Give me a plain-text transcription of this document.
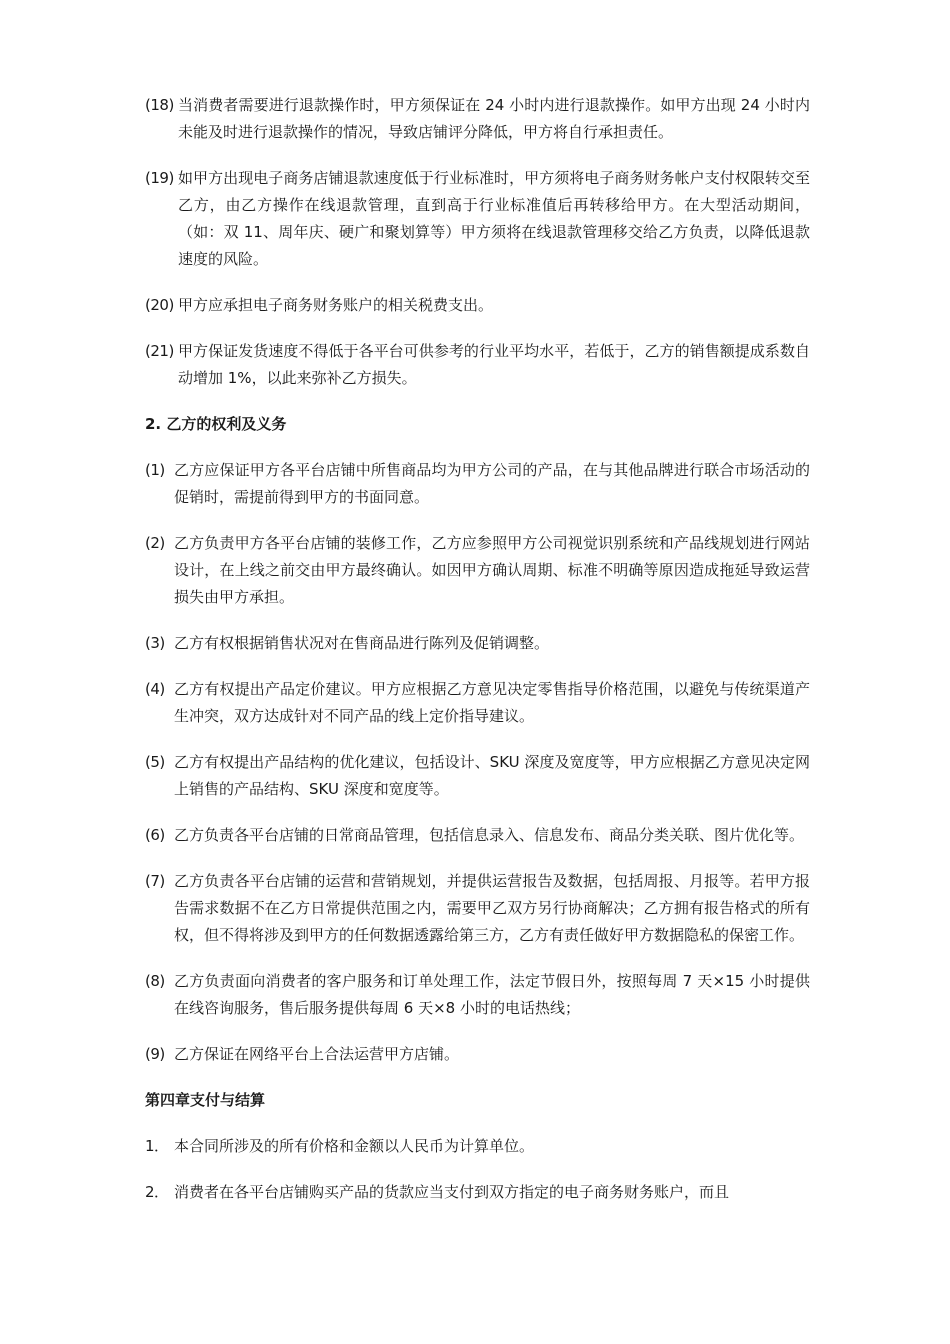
(18) 当消费者需要进行退款操作时，甲方须保证在 24 小时内进行退款操作。如甲方出现 24 小时内未能及时进行退款操作的情况，导致店铺评分降低，甲方将自行承担责任。
(19) 如甲方出现电子商务店铺退款速度低于行业标准时，甲方须将电子商务财务帐户支付权限转交至乙方，由乙方操作在线退款管理，直到高于行业标准值后再转移给甲方。在大型活动期间，（如：双 11、周年庆、硬广和聚划算等）甲方须将在线退款管理移交给乙方负责，以降低退款速度的风险。
(20) 甲方应承担电子商务财务账户的相关税费支出。
(21) 甲方保证发货速度不得低于各平台可供参考的行业平均水平，若低于，乙方的销售额提成系数自动增加 1%，以此来弥补乙方损失。
2. 乙方的权利及义务
(1) 乙方应保证甲方各平台店铺中所售商品均为甲方公司的产品，在与其他品牌进行联合市场活动的促销时，需提前得到甲方的书面同意。
(2) 乙方负责甲方各平台店铺的装修工作，乙方应参照甲方公司视觉识别系统和产品线规划进行网站设计，在上线之前交由甲方最终确认。如因甲方确认周期、标准不明确等原因造成拖延导致运营损失由甲方承担。
(3) 乙方有权根据销售状况对在售商品进行陈列及促销调整。
(4) 乙方有权提出产品定价建议。甲方应根据乙方意见决定零售指导价格范围，以避免与传统渠道产生冲突，双方达成针对不同产品的线上定价指导建议。
(5) 乙方有权提出产品结构的优化建议，包括设计、SKU 深度及宽度等，甲方应根据乙方意见决定网上销售的产品结构、SKU 深度和宽度等。
(6) 乙方负责各平台店铺的日常商品管理，包括信息录入、信息发布、商品分类关联、图片优化等。
(7) 乙方负责各平台店铺的运营和营销规划，并提供运营报告及数据，包括周报、月报等。若甲方报告需求数据不在乙方日常提供范围之内，需要甲乙双方另行协商解决；乙方拥有报告格式的所有权，但不得将涉及到甲方的任何数据透露给第三方，乙方有责任做好甲方数据隐私的保密工作。
(8) 乙方负责面向消费者的客户服务和订单处理工作，法定节假日外，按照每周 7 天×15 小时提供在线咨询服务，售后服务提供每周 6 天×8 小时的电话热线；
(9) 乙方保证在网络平台上合法运营甲方店铺。
第四章支付与结算
1． 本合同所涉及的所有价格和金额以人民币为计算单位。
2． 消费者在各平台店铺购买产品的货款应当支付到双方指定的电子商务财务账户，而且
